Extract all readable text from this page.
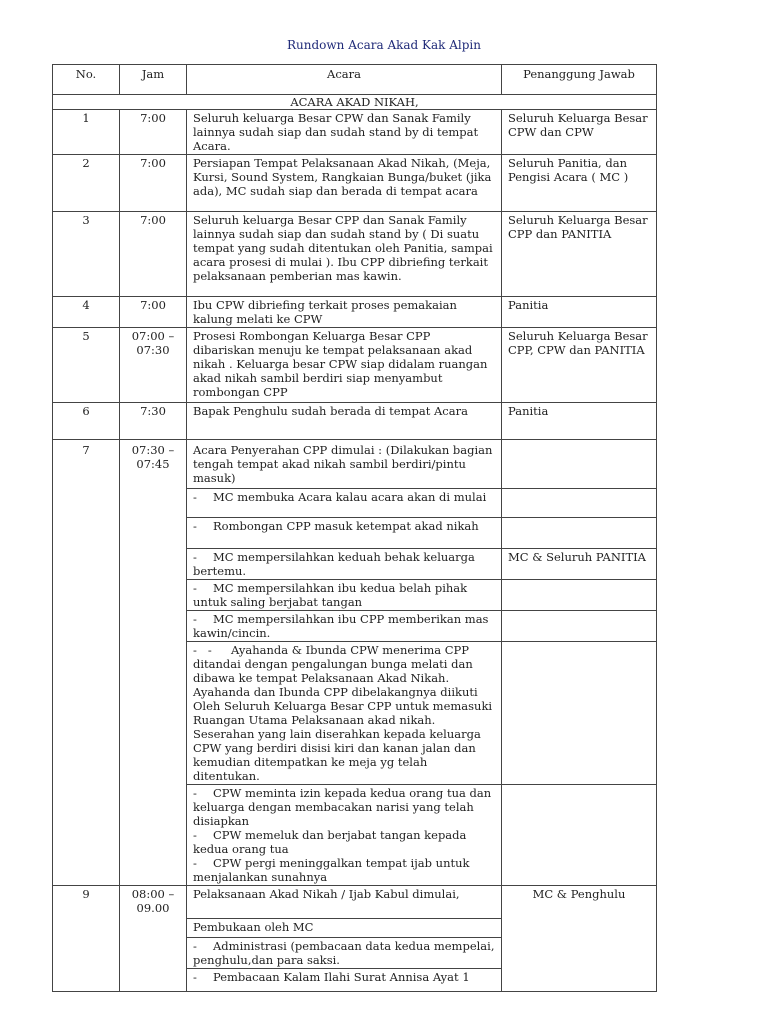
Rundown Acara Akad Kak Alpin
No.	Jam	Acara	Penanggung Jawab
ACARA AKAD NIKAH,			
1	7:00	Seluruh keluarga Besar CPW dan Sanak Family lainnya sudah siap dan sudah stand by di tempat Acara.	Seluruh Keluarga Besar CPW dan CPW
2	7:00	Persiapan Tempat Pelaksanaan Akad Nikah, (Meja, Kursi, Sound System, Rangkaian Bunga/buket (jika ada), MC sudah siap dan berada di tempat acara	Seluruh Panitia, dan Pengisi Acara ( MC )
3	7:00	Seluruh keluarga Besar CPP dan Sanak Family lainnya sudah siap dan sudah stand by ( Di suatu tempat yang sudah ditentukan oleh Panitia, sampai acara prosesi di mulai ). Ibu CPP dibriefing terkait pelaksanaan pemberian mas kawin.	Seluruh Keluarga Besar CPP dan PANITIA
4	7:00	Ibu CPW dibriefing terkait proses pemakaian kalung melati ke CPW	Panitia
5	07:00 – 07:30	Prosesi Rombongan Keluarga Besar CPP dibariskan menuju ke tempat pelaksanaan akad nikah . Keluarga besar CPW siap didalam ruangan akad nikah sambil berdiri siap menyambut rombongan CPP	Seluruh Keluarga Besar CPP, CPW dan PANITIA
6	7:30	Bapak Penghulu sudah berada di tempat Acara	Panitia
7	07:30 – 07:45	Acara Penyerahan CPP dimulai : (Dilakukan bagian tengah tempat akad nikah sambil berdiri/pintu masuk)	
		- MC membuka Acara kalau acara akan di mulai	
		- Rombongan CPP masuk ketempat akad nikah	
		- MC mempersilahkan keduah behak keluarga bertemu.	MC & Seluruh PANITIA
		- MC mempersilahkan ibu kedua belah pihak untuk saling berjabat tangan	
		- MC mempersilahkan ibu CPP memberikan mas kawin/cincin.	
		-   - Ayahanda & Ibunda CPW menerima CPP ditandai dengan pengalungan bunga melati dan dibawa ke tempat Pelaksanaan Akad Nikah. Ayahanda dan Ibunda CPP dibelakangnya diikuti Oleh Seluruh Keluarga Besar CPP untuk memasuki Ruangan Utama Pelaksanaan akad nikah. Seserahan yang lain diserahkan kepada keluarga CPW yang berdiri disisi kiri dan kanan jalan dan kemudian ditempatkan ke meja yg telah ditentukan.	

		- CPW meminta izin kepada kedua orang tua dan keluarga dengan membacakan narisi yang telah disiapkan
- CPW memeluk dan berjabat tangan kepada kedua orang tua
- CPW pergi meninggalkan tempat ijab untuk menjalankan sunahnya	

9	08:00 – 09.00	Pelaksanaan Akad Nikah / Ijab Kabul dimulai,	MC & Penghulu
		Pembukaan oleh MC	
		- Administrasi (pembacaan data kedua mempelai, penghulu,dan para saksi.	
		- Pembacaan Kalam Ilahi Surat Annisa Ayat 1	
